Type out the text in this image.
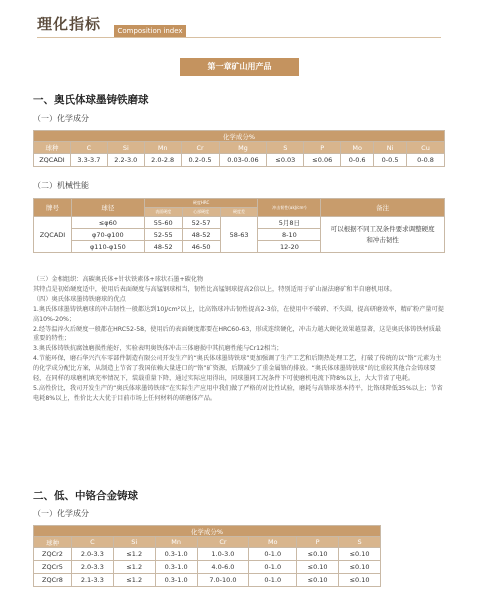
理化指标	Composition index
第一章矿山用产品
一、奥氏体球墨铸铁磨球
（一）化学成分
化学成分%										
球种	C	Si	Mn	Cr	Mg	S	P	Mo	Ni	Cu
ZQCADI	3.3-3.7	2.2-3.0	2.0-2.8	0.2-0.5	0.03-0.06	≤0.03	≤0.06	0-0.6	0-0.5	0-0.8
（二）机械性能
牌号	球径	硬度HRC			冲击韧性(αkJ/cm²)	备注
		表面硬度	心部硬度	硬度差		
ZQCADI	≤φ60	55-60	52-57	58-63	5月8日	可以根据不同工况条件要求调整硬度和冲击韧性
	φ70-φ100	52-55	48-52		8-10	
	φ110-φ150	48-52	46-50		12-20	

（三）金相组织：高碳奥氏体+针状铁素体+球状石墨+碳化物

其特点是初始硬度适中，使用后表面硬度与高锰钢球相当，韧性比高锰钢球提高2倍以上，特别适用于矿山湿法磨矿和半自磨机用球。

（四）奥氏体球墨铸铁磨球的优点

1.奥氏体球墨铸铁磨球的冲击韧性一般都达到10J/cm²以上，比高铬球冲击韧性提高2-3倍，在使用中不破碎、不失圆，提高研磨效率，精矿粉产量可提高10%-20%；

2.经等温淬火后硬度一般都在HRC52-58，使用后的表面硬度都要在HRC60-63，形成连续硬化，冲击力越大硬化效果越显著，这是奥氏体铸铁材质最重要的特性；

3.奥氏体铸铁抗腐蚀磨损性能好，实验表明奥铁体冲击三体磨损中其抗磨性能与Cr12相当；

4.节能环保，磨石华兴汽车零部件制造有限公司开发生产的“奥氏体球墨铸铁球”更加强调了生产工艺和后期热处理工艺，打破了传统的以“铬”元素为主的化学成分配比方案，从制造上节省了我国依赖大量进口的“铬”矿资源，后期减少了重金属铬的排放。“奥氏体球墨铸铁球”的比重较其他合金铸球要轻，在同样的球磨机填充率情况下，装载重量下降，通过实际应用得出，同球墨同工况条件下可使磨机电流下降8%以上，大大节省了电耗。

5.高性价比，我司开发生产的“奥氏体球墨铸铁球”在实际生产应用中我们做了严格的对比性试验，磨耗与高铬球基本持平，比铬球降低35%以上；节省电耗8%以上，性价比大大优于目前市场上任何材料的研磨体产品。

二、低、中铬合金铸球
（一）化学成分
化学成分%							
球种	C	Si	Mn	Cr	Mo	P	S
ZQCr2	2.0-3.3	≤1.2	0.3-1.0	1.0-3.0	0-1.0	≤0.10	≤0.10
ZQCr5	2.0-3.3	≤1.2	0.3-1.0	4.0-6.0	0-1.0	≤0.10	≤0.10
ZQCr8	2.1-3.3	≤1.2	0.3-1.0	7.0-10.0	0-1.0	≤0.10	≤0.10
